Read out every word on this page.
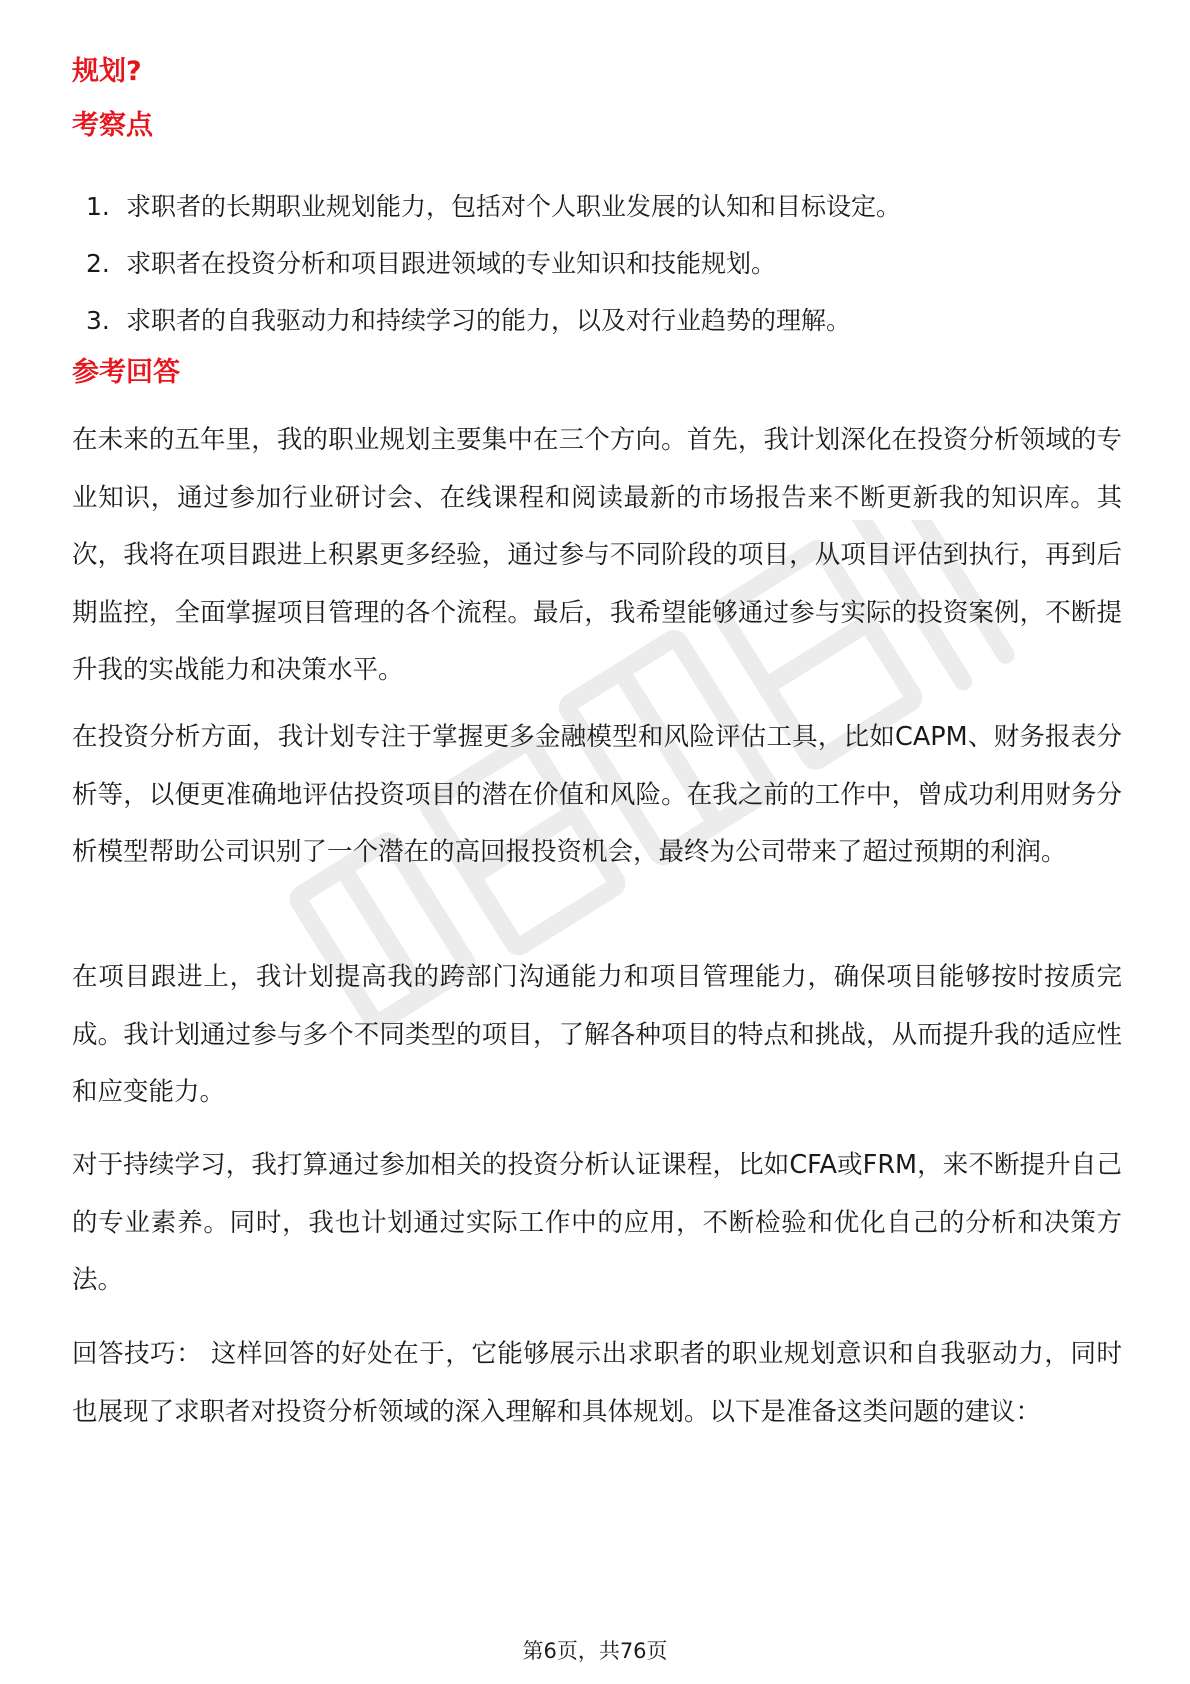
规划?
考察点
1. 求职者的长期职业规划能力，包括对个人职业发展的认知和目标设定。
2. 求职者在投资分析和项目跟进领域的专业知识和技能规划。
3. 求职者的自我驱动力和持续学习的能力，以及对行业趋势的理解。
参考回答

在未来的五年里，我的职业规划主要集中在三个方向。首先，我计划深化在投资分析领域的专业知识，通过参加行业研讨会、在线课程和阅读最新的市场报告来不断更新我的知识库。其次，我将在项目跟进上积累更多经验，通过参与不同阶段的项目，从项目评估到执行，再到后期监控，全面掌握项目管理的各个流程。最后，我希望能够通过参与实际的投资案例，不断提升我的实战能力和决策水平。

在投资分析方面，我计划专注于掌握更多金融模型和风险评估工具，比如CAPM、财务报表分析等，以便更准确地评估投资项目的潜在价值和风险。在我之前的工作中，曾成功利用财务分析模型帮助公司识别了一个潜在的高回报投资机会，最终为公司带来了超过预期的利润。

在项目跟进上，我计划提高我的跨部门沟通能力和项目管理能力，确保项目能够按时按质完成。我计划通过参与多个不同类型的项目，了解各种项目的特点和挑战，从而提升我的适应性和应变能力。

对于持续学习，我打算通过参加相关的投资分析认证课程，比如CFA或FRM，来不断提升自己的专业素养。同时，我也计划通过实际工作中的应用，不断检验和优化自己的分析和决策方法。

回答技巧： 这样回答的好处在于，它能够展示出求职者的职业规划意识和自我驱动力，同时也展现了求职者对投资分析领域的深入理解和具体规划。以下是准备这类问题的建议：

第6页，共76页
